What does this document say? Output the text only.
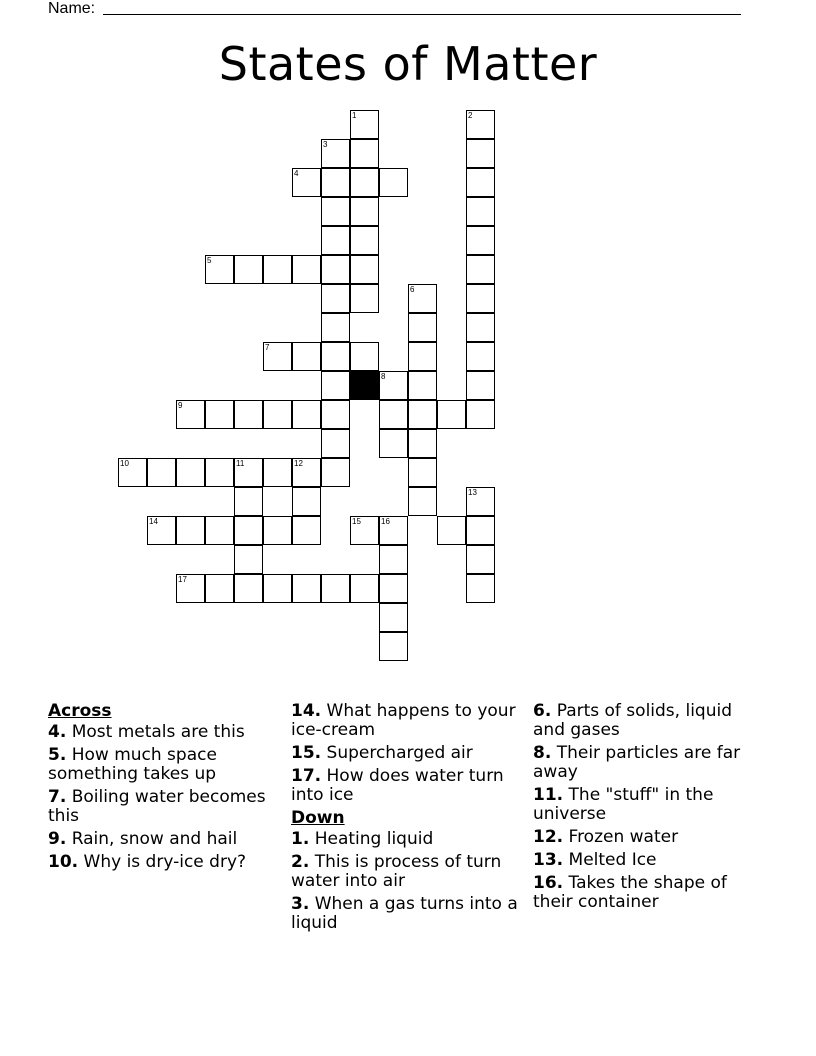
Name:
States of Matter
1	2
3
4
5
6
7
8
9
10	11	12
13
14	15	16
17
Across
4. Most metals are this
5. How much space something takes up
7. Boiling water becomes this
9. Rain, snow and hail
10. Why is dry-ice dry?
14. What happens to your ice-cream
15. Supercharged air
17. How does water turn into ice
Down
1. Heating liquid
2. This is process of turn water into air
3. When a gas turns into a liquid
6. Parts of solids, liquid and gases
8. Their particles are far away
11. The "stuff" in the universe
12. Frozen water
13. Melted Ice
16. Takes the shape of their container
